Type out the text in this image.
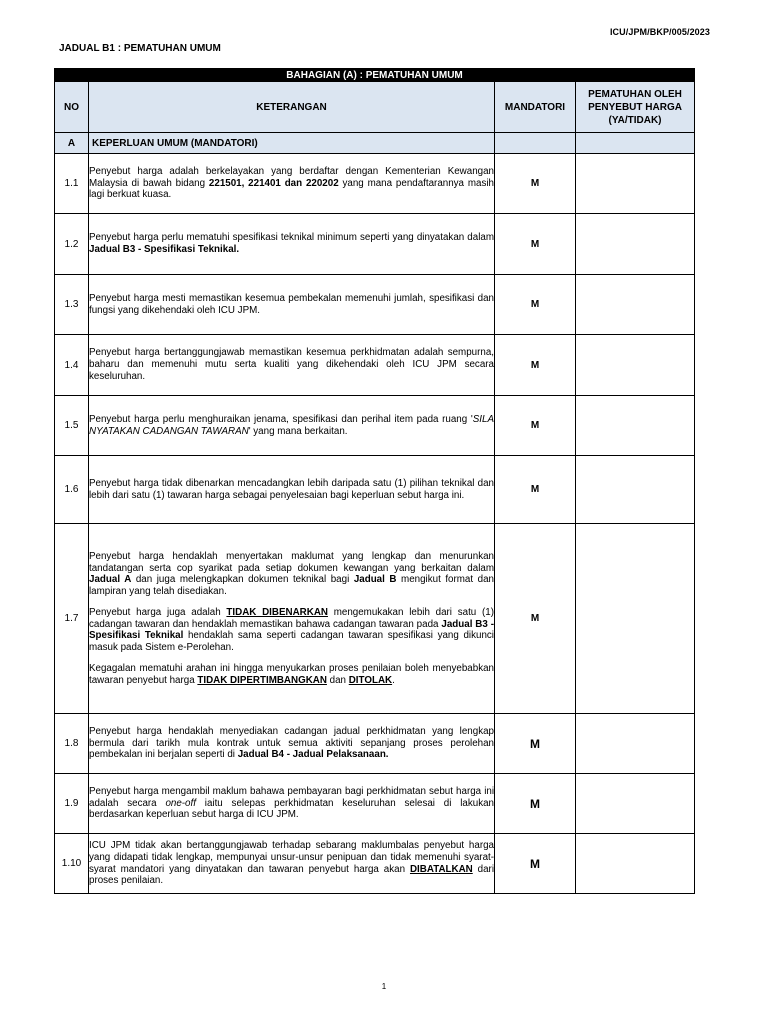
ICU/JPM/BKP/005/2023
JADUAL B1 : PEMATUHAN UMUM
BAHAGIAN (A) : PEMATUHAN UMUM			
NO	KETERANGAN	MANDATORI	PEMATUHAN OLEH PENYEBUT HARGA (YA/TIDAK)
A	KEPERLUAN UMUM (MANDATORI)		
1.1	Penyebut harga adalah berkelayakan yang berdaftar dengan Kementerian Kewangan Malaysia di bawah bidang 221501, 221401 dan 220202 yang mana pendaftarannya masih lagi berkuat kuasa.	M	
1.2	Penyebut harga perlu mematuhi spesifikasi teknikal minimum seperti yang dinyatakan dalam Jadual B3 - Spesifikasi Teknikal.	M	
1.3	Penyebut harga mesti memastikan kesemua pembekalan memenuhi jumlah, spesifikasi dan fungsi yang dikehendaki oleh ICU JPM.	M	
1.4	Penyebut harga bertanggungjawab memastikan kesemua perkhidmatan adalah sempurna, baharu dan memenuhi mutu serta kualiti yang dikehendaki oleh ICU JPM secara keseluruhan.	M	
1.5	Penyebut harga perlu menghuraikan jenama, spesifikasi dan perihal item pada ruang 'SILA NYATAKAN CADANGAN TAWARAN' yang mana berkaitan.	M	
1.6	Penyebut harga tidak dibenarkan mencadangkan lebih daripada satu (1) pilihan teknikal dan lebih dari satu (1) tawaran harga sebagai penyelesaian bagi keperluan sebut harga ini.	M	
1.7	Penyebut harga hendaklah menyertakan maklumat yang lengkap dan menurunkan tandatangan serta cop syarikat pada setiap dokumen kewangan yang berkaitan dalam Jadual A dan juga melengkapkan dokumen teknikal bagi Jadual B mengikut format dan lampiran yang telah disediakan.

Penyebut harga juga adalah TIDAK DIBENARKAN mengemukakan lebih dari satu (1) cadangan tawaran dan hendaklah memastikan bahawa cadangan tawaran pada Jadual B3 - Spesifikasi Teknikal hendaklah sama seperti cadangan tawaran spesifikasi yang dikunci masuk pada Sistem e-Perolehan.

Kegagalan mematuhi arahan ini hingga menyukarkan proses penilaian boleh menyebabkan tawaran penyebut harga TIDAK DIPERTIMBANGKAN dan DITOLAK.	M	
1.8	Penyebut harga hendaklah menyediakan cadangan jadual perkhidmatan yang lengkap bermula dari tarikh mula kontrak untuk semua aktiviti sepanjang proses perolehan pembekalan ini berjalan seperti di Jadual B4 - Jadual Pelaksanaan.	M	
1.9	Penyebut harga mengambil maklum bahawa pembayaran bagi perkhidmatan sebut harga ini adalah secara one-off iaitu selepas perkhidmatan keseluruhan selesai di lakukan berdasarkan keperluan sebut harga di ICU JPM.	M	
1.10	ICU JPM tidak akan bertanggungjawab terhadap sebarang maklumbalas penyebut harga yang didapati tidak lengkap, mempunyai unsur-unsur penipuan dan tidak memenuhi syarat-syarat mandatori yang dinyatakan dan tawaran penyebut harga akan DIBATALKAN dari proses penilaian.	M	
1
